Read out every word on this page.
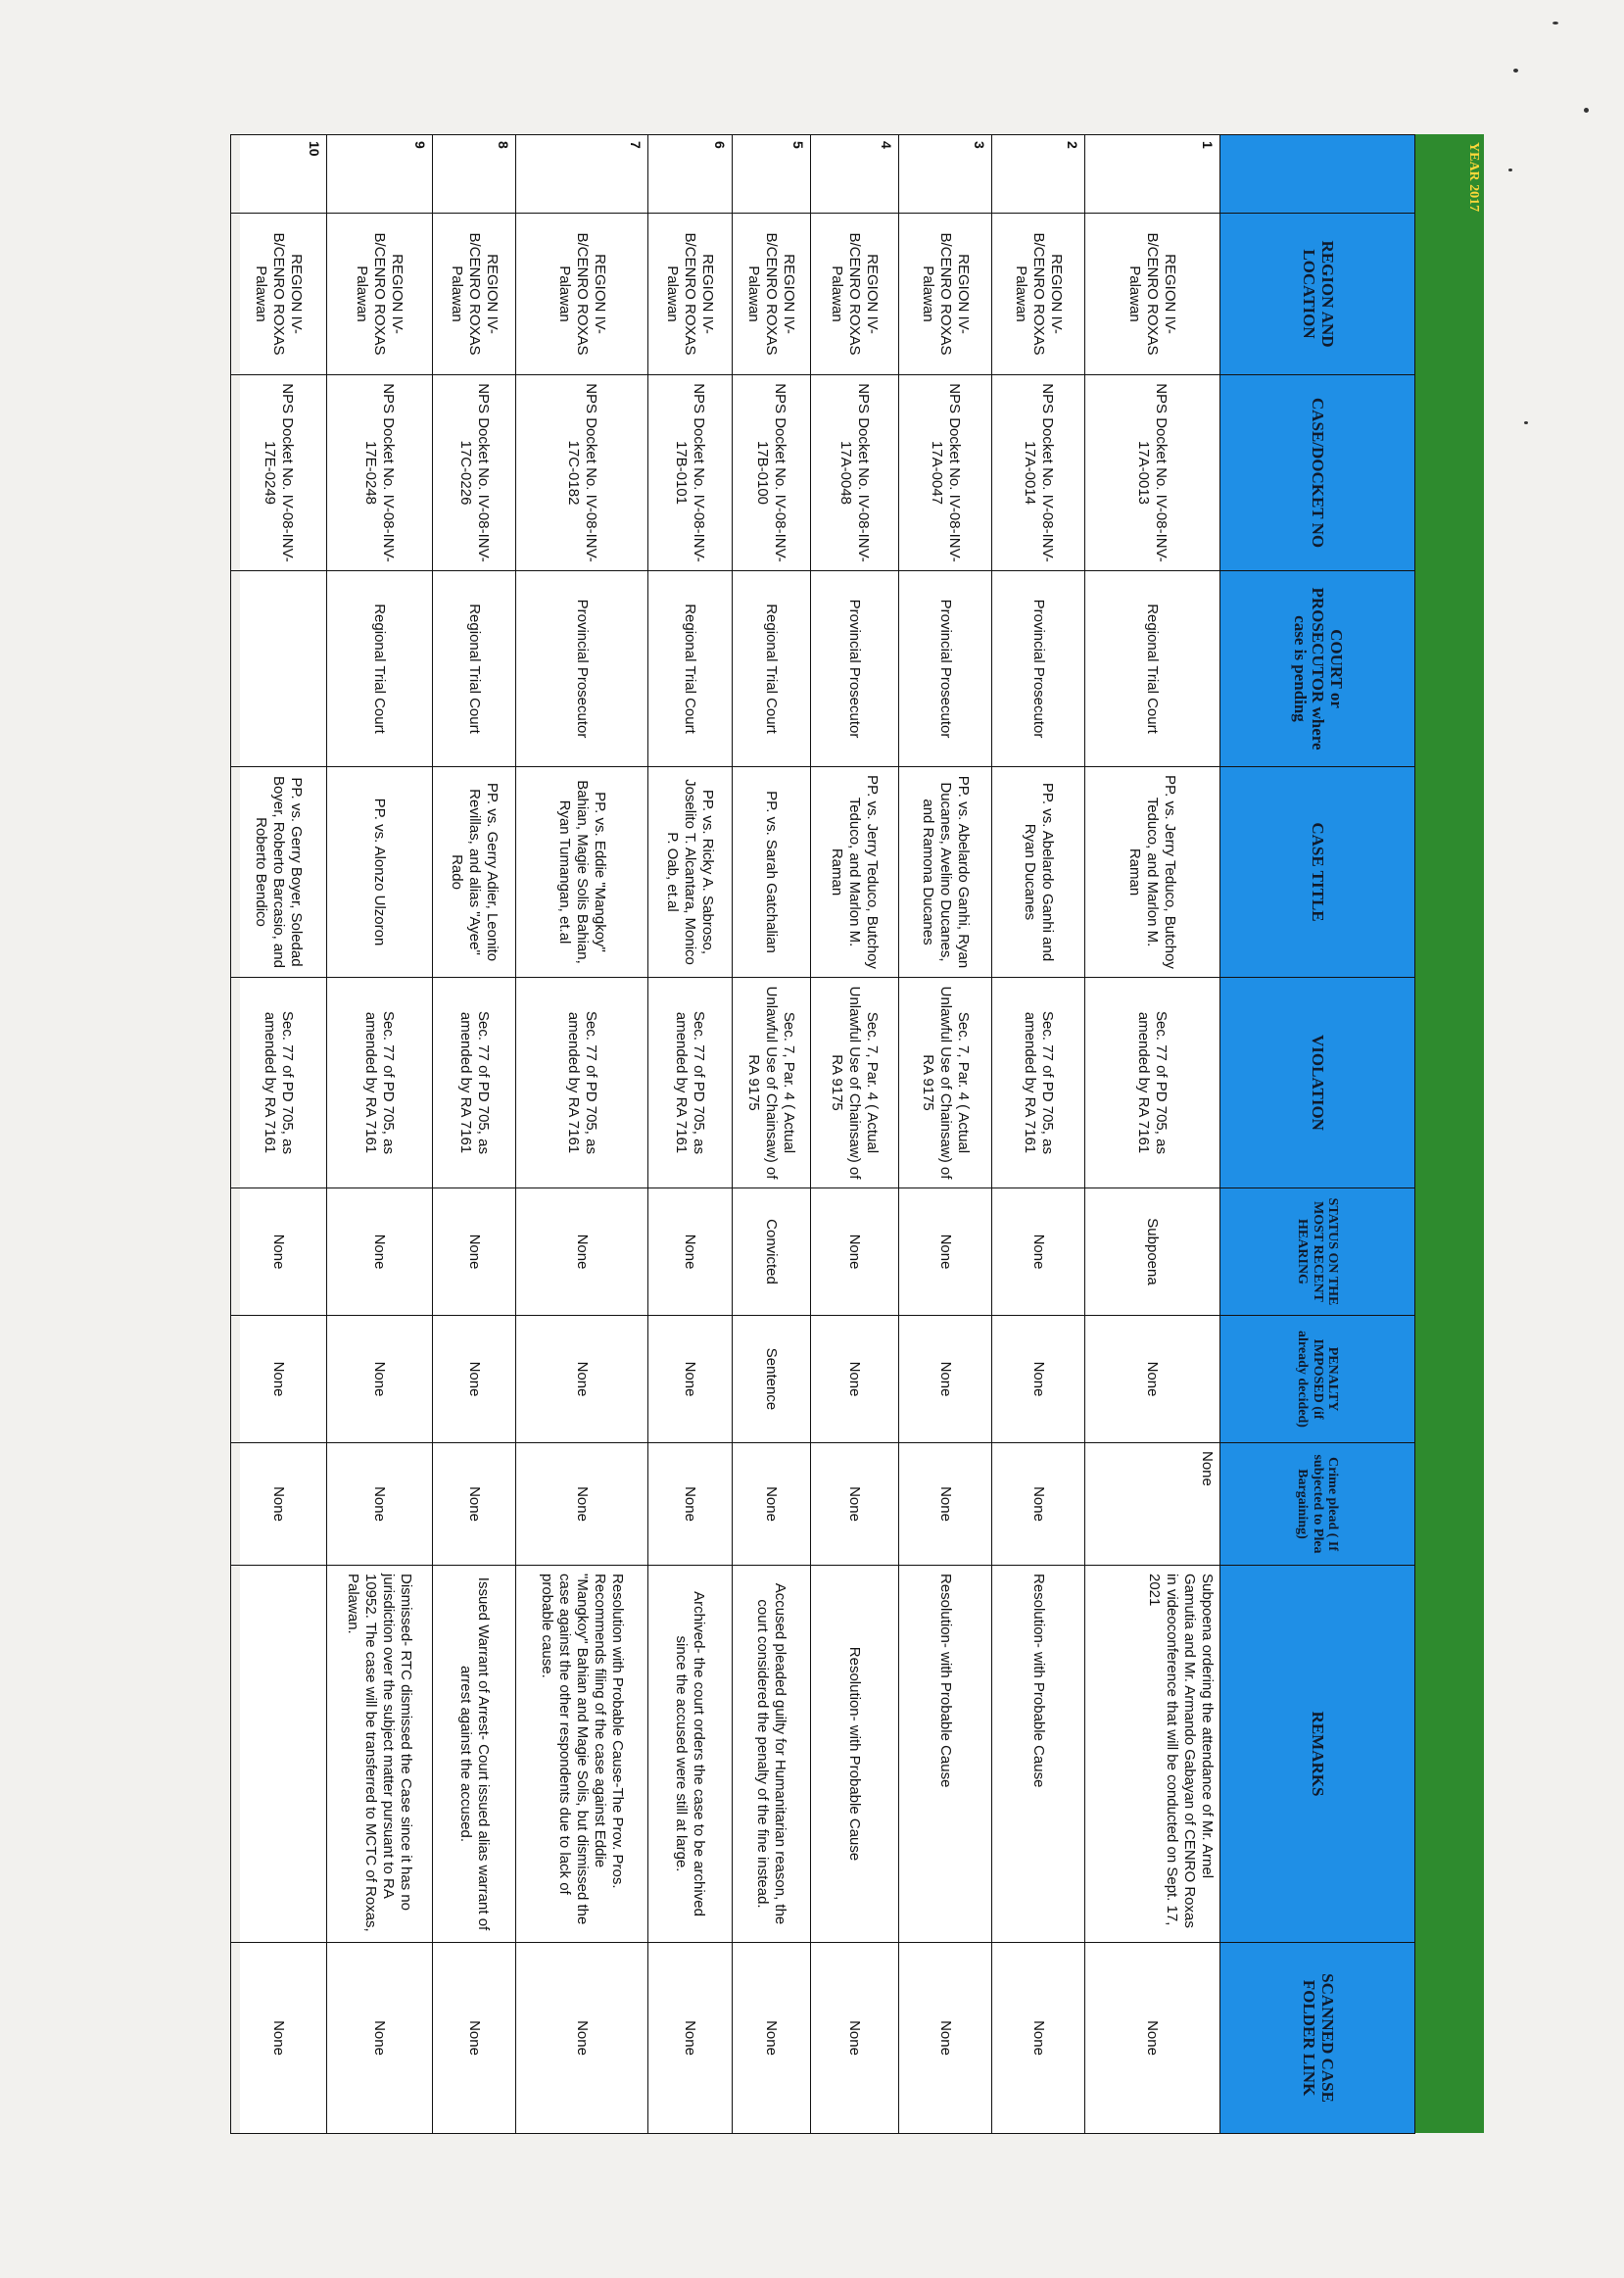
YEAR 2017
	REGION AND LOCATION	CASE/DOCKET NO	COURT or PROSECUTOR where case is pending	CASE TITLE	VIOLATION	STATUS ON THE MOST RECENT HEARING	PENALTY IMPOSED (if already decided)	Crime plead ( If subjected to Plea Bargaining)	REMARKS	SCANNED CASE FOLDER LINK
1	REGION IV-B/CENRO ROXAS Palawan	NPS Docket No. IV-08-INV-17A-0013	Regional Trial Court	PP. vs. Jerry Teduco, Butchoy Teduco, and Marlon M. Raman	Sec. 77 of PD 705, as amended by RA 7161	Subpoena	None	None	Subpoena ordering the attendance of Mr. Arnel Gamutia and Mr. Armando Gabayan of CENRO Roxas in videoconference that will be conducted on Sept. 17, 2021	None
2	REGION IV-B/CENRO ROXAS Palawan	NPS Docket No. IV-08-INV-17A-0014	Provincial Prosecutor	PP. vs. Abelardo Ganhi and Ryan Ducanes	Sec. 77 of PD 705, as amended by RA 7161	None	None	None	Resolution- with Probable Cause	None
3	REGION IV-B/CENRO ROXAS Palawan	NPS Docket No. IV-08-INV-17A-0047	Provincial Prosecutor	PP. vs. Abelardo Ganhi, Ryan Ducanes, Avelino Ducanes, and Ramona Ducanes	Sec. 7, Par. 4 ( Actual Unlawful Use of Chainsaw) of RA 9175	None	None	None	Resolution- with Probable Cause	None
4	REGION IV-B/CENRO ROXAS Palawan	NPS Docket No. IV-08-INV-17A-0048	Provincial Prosecutor	PP. vs. Jerry Teduco, Butchoy Teduco, and Marlon M. Raman	Sec. 7, Par. 4 ( Actual Unlawful Use of Chainsaw) of RA 9175	None	None	None	Resolution- with Probable Cause	None
5	REGION IV-B/CENRO ROXAS Palawan	NPS Docket No. IV-08-INV-17B-0100	Regional Trial Court	PP. vs. Sarah Gatchalian	Sec. 7, Par. 4 ( Actual Unlawful Use of Chainsaw) of RA 9175	Convicted	Sentence	None	Accused pleaded guilty for Humanitarian reason, the court considered the penalty of the fine instead.	None
6	REGION IV-B/CENRO ROXAS Palawan	NPS Docket No. IV-08-INV-17B-0101	Regional Trial Court	PP. vs. Ricky A. Sabroso, Joselito T. Alcantara, Monico P. Oab, et.al	Sec. 77 of PD 705, as amended by RA 7161	None	None	None	Archived- the court orders the case to be archived since the accused were still at large.	None
7	REGION IV-B/CENRO ROXAS Palawan	NPS Docket No. IV-08-INV-17C-0182	Provincial Prosecutor	PP. vs. Eddie "Mangkoy" Bahian, Magie Solis Bahian, Ryan Tumangan, et.al	Sec. 77 of PD 705, as amended by RA 7161	None	None	None	Resolution with Probable Cause-The Prov. Pros. Recommends filing of the case against Eddie "Mangkoy" Bahian and Magie Solis, but dismissed the case against the other respondents due to lack of probable cause.	None
8	REGION IV-B/CENRO ROXAS Palawan	NPS Docket No. IV-08-INV-17C-0226	Regional Trial Court	PP. vs. Gerry Adier, Leonito Revillas, and alias "Ayee" Rado	Sec. 77 of PD 705, as amended by RA 7161	None	None	None	Issued Warrant of Arrest- Court issued alias warrant of arrest against the accused.	None
9	REGION IV-B/CENRO ROXAS Palawan	NPS Docket No. IV-08-INV-17E-0248	Regional Trial Court	PP. vs. Alonzo Ulzoron	Sec. 77 of PD 705, as amended by RA 7161	None	None	None	Dismissed- RTC dismissed the Case since it has no jurisdiction over the subject matter pursuant to RA 10952. The case will be transferred to MCTC of Roxas, Palawan.	None
10	REGION IV-B/CENRO ROXAS Palawan	NPS Docket No. IV-08-INV-17E-0249		PP. vs. Gerry Boyer, Soledad Boyer, Roberto Barcasio, and Roberto Bendico	Sec. 77 of PD 705, as amended by RA 7161	None	None	None		None
